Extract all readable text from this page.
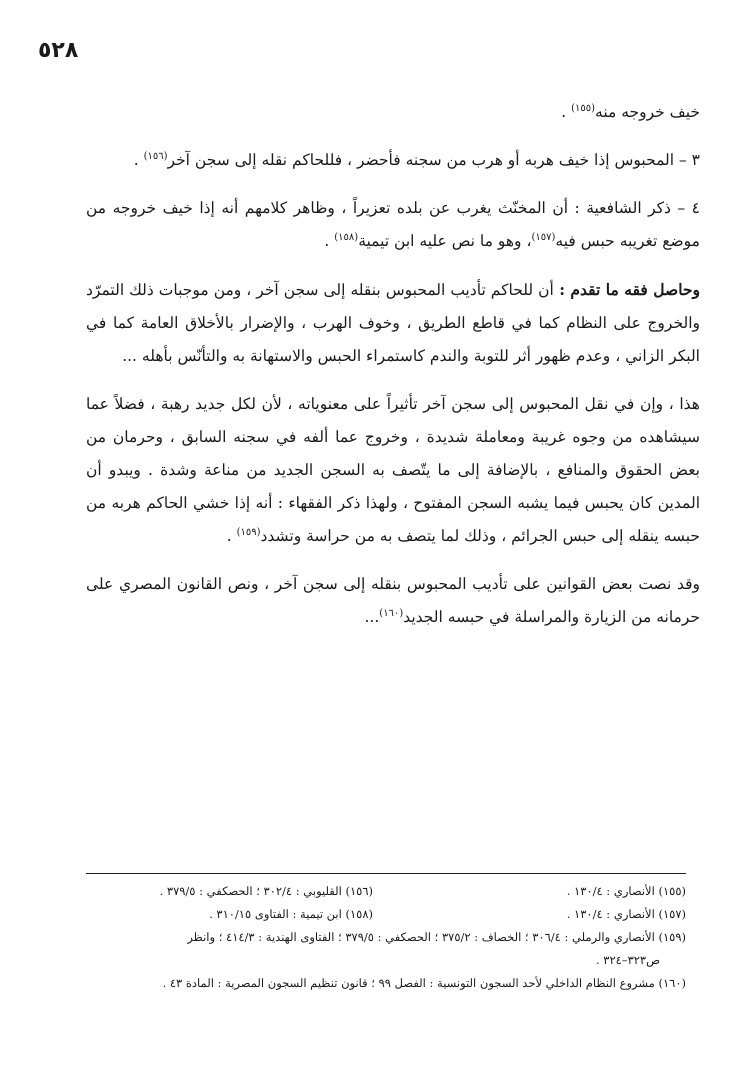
٥٢٨

خيف خروجه منه$^{(١٥٥)}$ .

٣ – المحبوس إذا خيف هربه أو هرب من سجنه فأحضر ، فللحاكم نقله إلى سجن آخر$^{(١٥٦)}$ .

٤ – ذكر الشافعية : أن المخنّث يغرب عن بلده تعزيراً ، وظاهر كلامهم أنه إذا خيف خروجه من موضع تغريبه حبس فيه$^{(١٥٧)}$، وهو ما نص عليه ابن تيمية$^{(١٥٨)}$ .

وحاصل فقه ما تقدم : أن للحاكم تأديب المحبوس بنقله إلى سجن آخر ، ومن موجبات ذلك التمرّد والخروج على النظام كما في قاطع الطريق ، وخوف الهرب ، والإضرار بالأخلاق العامة كما في البكر الزاني ، وعدم ظهور أثر للتوبة والندم كاستمراء الحبس والاستهانة به والتأنّس بأهله ...

هذا ، وإن في نقل المحبوس إلى سجن آخر تأثيراً على معنوياته ، لأن لكل جديد رهبة ، فضلاً عما سيشاهده من وجوه غريبة ومعاملة شديدة ، وخروج عما ألفه في سجنه السابق ، وحرمان من بعض الحقوق والمنافع ، بالإضافة إلى ما يتّصف به السجن الجديد من مناعة وشدة . ويبدو أن المدين كان يحبس فيما يشبه السجن المفتوح ، ولهذا ذكر الفقهاء : أنه إذا خشي الحاكم هربه من حبسه ينقله إلى حبس الجرائم ، وذلك لما يتصف به من حراسة وتشدد$^{(١٥٩)}$ .

وقد نصت بعض القوانين على تأديب المحبوس بنقله إلى سجن آخر ، ونص القانون المصري على حرمانه من الزيارة والمراسلة في حبسه الجديد$^{(١٦٠)}$...

(١٥٥) الأنصاري : ١٣٠/٤ .
(١٥٦) القليوبي : ٣٠٢/٤ ؛ الحصكفي : ٣٧٩/٥ .
(١٥٧) الأنصاري : ١٣٠/٤ .
(١٥٨) ابن تيمية : الفتاوى ٣١٠/١٥ .
(١٥٩) الأنصاري والرملي : ٣٠٦/٤ ؛ الخصاف : ٣٧٥/٢ ؛ الحصكفي : ٣٧٩/٥ ؛ الفتاوى الهندية : ٤١٤/٣ ؛ وانظر
ص٣٢٣–٣٢٤ .
(١٦٠) مشروع النظام الداخلي لأحد السجون التونسية : الفصل ٩٩ ؛ قانون تنظيم السجون المصرية : المادة ٤٣ .
